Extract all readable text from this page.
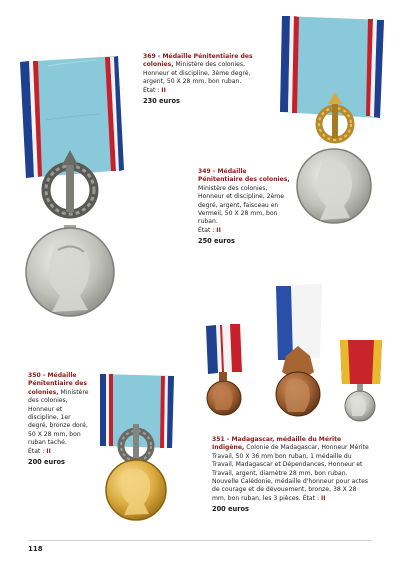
369 - Médaille Pénitentiaire des colonies, Ministère des colonies, Honneur et discipline, 3ème degré, argent, 50 X 28 mm, bon ruban.
État : II
230 euros
349 - Médaille Pénitentiaire des colonies, Ministère des colonies, Honneur et discipline, 2ème degré, argent, faisceau en Vermeil, 50 X 28 mm, bon ruban.
État : II
250 euros
350 - Médaille Pénitentiaire des colonies, Ministère des colonies, Honneur et discipline, 1er degré, bronze doré, 50 X 28 mm, bon ruban taché.
État : II
200 euros
351 - Madagascar, médaille du Mérite Indigène, Colonie de Madagascar, Honneur Mérite Travail, 50 X 36 mm bon ruban, 1 médaille du Travail, Madagascar et Dépendances, Honneur et Travail, argent, diamètre 28 mm, bon ruban. Nouvelle Calédonie, médaille d'honneur pour actes de courage et de dévouement, bronze, 38 X 28 mm, bon ruban, les 3 pièces. État : II
200 euros
118
